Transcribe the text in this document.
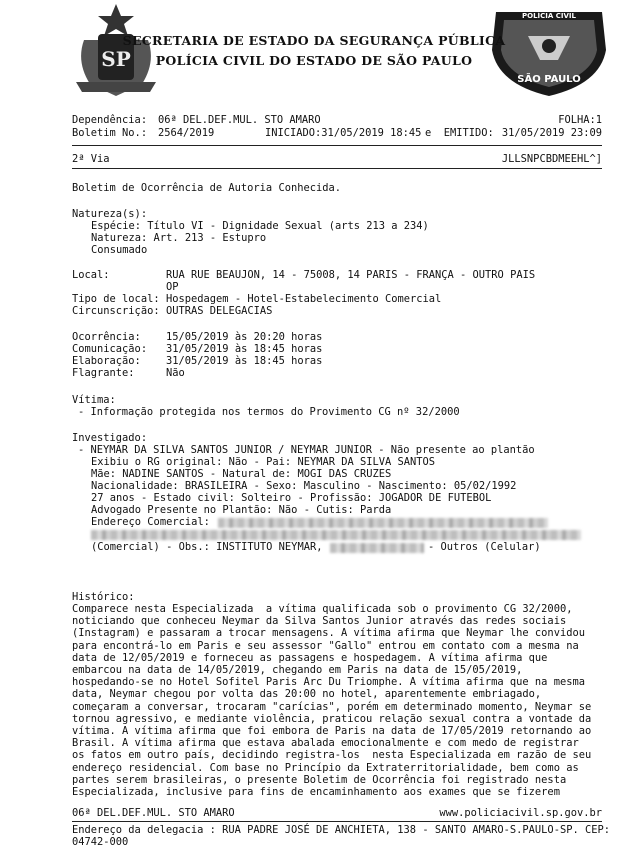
SP
POLÍCIA CIVIL
SÃO PAULO
SECRETARIA DE ESTADO DA SEGURANÇA PÚBLICA
POLÍCIA CIVIL DO ESTADO DE SÃO PAULO
Dependência: 06ª DEL.DEF.MUL. STO AMARO	FOLHA:1
Boletim No.: 2564/2019	INICIADO:31/05/2019 18:45 e  EMITIDO: 31/05/2019 23:09
2ª Via	JLLSNPCBDMEEHL^]
Boletim de Ocorrência de Autoria Conhecida.
Natureza(s):
Espécie: Título VI - Dignidade Sexual (arts 213 a 234)
Natureza: Art. 213 - Estupro
Consumado
Local:	RUA RUE BEAUJON, 14 - 75008, 14 PARIS - FRANÇA - OUTRO PAIS
OP
Tipo de local: Hospedagem - Hotel-Estabelecimento Comercial
Circunscrição: OUTRAS DELEGACIAS
Ocorrência: 15/05/2019 às 20:20 horas
Comunicação: 31/05/2019 às 18:45 horas
Elaboração: 31/05/2019 às 18:45 horas
Flagrante:	Não
Vítima:
- Informação protegida nos termos do Provimento CG nº 32/2000
Investigado:
- NEYMAR DA SILVA SANTOS JUNIOR / NEYMAR JUNIOR - Não presente ao plantão
Exibiu o RG original: Não - Pai: NEYMAR DA SILVA SANTOS
Mãe: NADINE SANTOS - Natural de: MOGI DAS CRUZES
Nacionalidade: BRASILEIRA - Sexo: Masculino - Nascimento: 05/02/1992
27 anos - Estado civil: Solteiro - Profissão: JOGADOR DE FUTEBOL
Advogado Presente no Plantão: Não - Cutis: Parda
Endereço Comercial:
(Comercial) - Obs.: INSTITUTO NEYMAR,	- Outros (Celular)
Histórico:

Comparece nesta Especializada  a vítima qualificada sob o provimento CG 32/2000,

noticiando que conheceu Neymar da Silva Santos Junior através das redes sociais

(Instagram) e passaram a trocar mensagens. A vítima afirma que Neymar lhe convidou

para encontrá-lo em Paris e seu assessor "Gallo" entrou em contato com a mesma na

data de 12/05/2019 e forneceu as passagens e hospedagem. A vítima afirma que

embarcou na data de 14/05/2019, chegando em Paris na data de 15/05/2019,

hospedando-se no Hotel Sofitel Paris Arc Du Triomphe. A vítima afirma que na mesma

data, Neymar chegou por volta das 20:00 no hotel, aparentemente embriagado,

começaram a conversar, trocaram "carícias", porém em determinado momento, Neymar se

tornou agressivo, e mediante violência, praticou relação sexual contra a vontade da

vítima. A vítima afirma que foi embora de Paris na data de 17/05/2019 retornando ao

Brasil. A vítima afirma que estava abalada emocionalmente e com medo de registrar

os fatos em outro país, decidindo registra-los  nesta Especializada em razão de seu

endereço residencial. Com base no Princípio da Extraterritorialidade, bem como as

partes serem brasileiras, o presente Boletim de Ocorrência foi registrado nesta

Especializada, inclusive para fins de encaminhamento aos exames que se fizerem

06ª DEL.DEF.MUL. STO AMARO	www.policiacivil.sp.gov.br
Endereço da delegacia : RUA PADRE JOSÉ DE ANCHIETA, 138 - SANTO AMARO-S.PAULO-SP. CEP:
04742-000
